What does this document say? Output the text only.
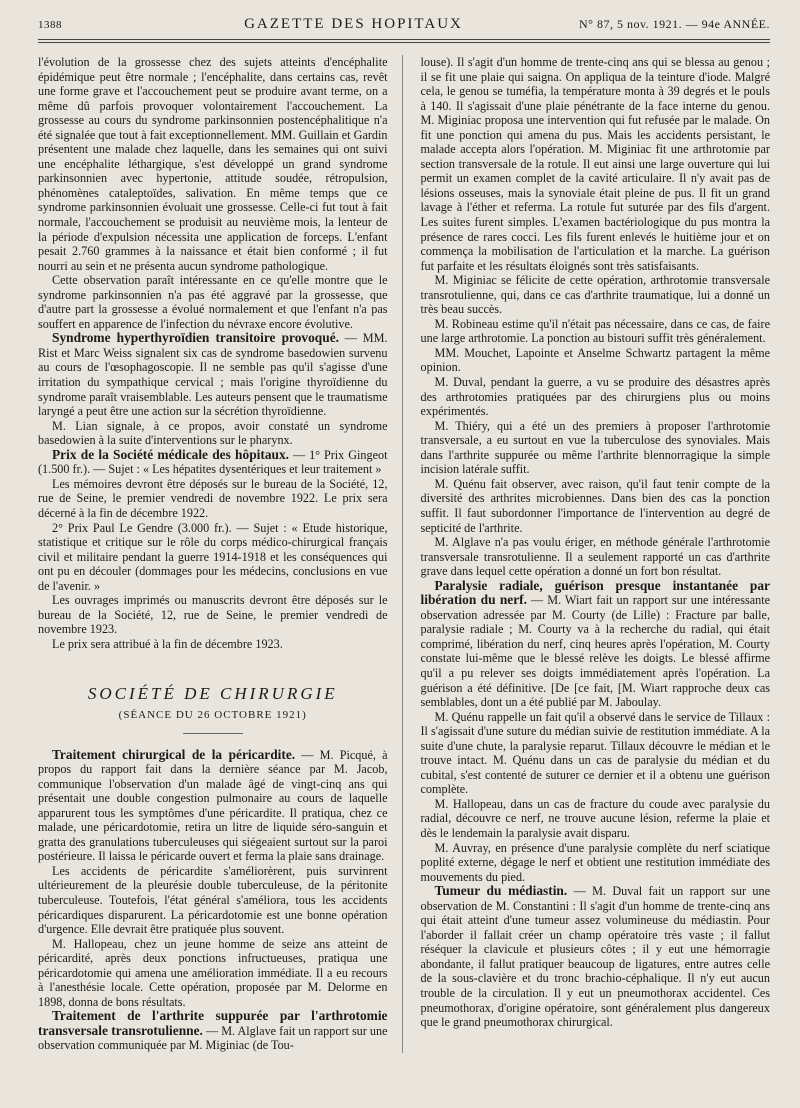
1388	GAZETTE DES HOPITAUX	N° 87, 5 nov. 1921. — 94e ANNÉE.

l'évolution de la grossesse chez des sujets atteints d'encéphalite épidémique peut être normale ; l'encéphalite, dans certains cas, revêt une forme grave et l'accouchement peut se produire avant terme, on a même dû parfois provoquer volontairement l'accouchement. La grossesse au cours du syndrome parkinsonnien postencéphalitique n'a été signalée que tout à fait exceptionnellement. MM. Guillain et Gardin présentent une malade chez laquelle, dans les semaines qui ont suivi une encéphalite léthargique, s'est développé un grand syndrome parkinsonnien avec hypertonie, attitude soudée, rétropulsion, phénomènes cataleptoïdes, salivation. En même temps que ce syndrome parkinsonnien évoluait une grossesse. Celle-ci fut tout à fait normale, l'accouchement se produisit au neuvième mois, la lenteur de la période d'expulsion nécessita une application de forceps. L'enfant pesait 2.760 grammes à la naissance et était bien conformé ; il fut nourri au sein et ne présenta aucun syndrome pathologique.

Cette observation paraît intéressante en ce qu'elle montre que le syndrome parkinsonnien n'a pas été aggravé par la grossesse, que d'autre part la grossesse a évolué normalement et que l'enfant n'a pas souffert en apparence de l'infection du névraxe encore évolutive.

Syndrome hyperthyroïdien transitoire provoqué. — MM. Rist et Marc Weiss signalent six cas de syndrome basedowien survenu au cours de l'œsophagoscopie. Il ne semble pas qu'il s'agisse d'une irritation du sympathique cervical ; mais l'origine thyroïdienne du syndrome paraît vraisemblable. Les auteurs pensent que le traumatisme laryngé a peut être une action sur la sécrétion thyroïdienne.

M. Lian signale, à ce propos, avoir constaté un syndrome basedowien à la suite d'interventions sur le pharynx.

Prix de la Société médicale des hôpitaux. — 1° Prix Gingeot (1.500 fr.). — Sujet : « Les hépatites dysentériques et leur traitement »

Les mémoires devront être déposés sur le bureau de la Société, 12, rue de Seine, le premier vendredi de novembre 1922. Le prix sera décerné à la fin de décembre 1922.

2° Prix Paul Le Gendre (3.000 fr.). — Sujet : « Etude historique, statistique et critique sur le rôle du corps médico-chirurgical français civil et militaire pendant la guerre 1914-1918 et les conséquences qui ont pu en découler (dommages pour les médecins, conclusions en vue de l'avenir. »

Les ouvrages imprimés ou manuscrits devront être déposés sur le bureau de la Société, 12, rue de Seine, le premier vendredi de novembre 1923.

Le prix sera attribué à la fin de décembre 1923.

SOCIÉTÉ DE CHIRURGIE
(SÉANCE DU 26 OCTOBRE 1921)

Traitement chirurgical de la péricardite. — M. Picqué, à propos du rapport fait dans la dernière séance par M. Jacob, communique l'observation d'un malade âgé de vingt-cinq ans qui présentait une double congestion pulmonaire au cours de laquelle apparurent tous les symptômes d'une péricardite. Il pratiqua, chez ce malade, une péricardotomie, retira un litre de liquide séro-sanguin et gratta des granulations tuberculeuses qui siégeaient surtout sur la paroi postérieure. Il laissa le péricarde ouvert et ferma la plaie sans drainage.

Les accidents de péricardite s'améliorèrent, puis survinrent ultérieurement de la pleurésie double tuberculeuse, de la péritonite tuberculeuse. Toutefois, l'état général s'améliora, tous les accidents péricardiques disparurent. La péricardotomie est une bonne opération d'urgence. Elle devrait être pratiquée plus souvent.

M. Hallopeau, chez un jeune homme de seize ans atteint de péricardité, après deux ponctions infructueuses, pratiqua une péricardotomie qui amena une amélioration immédiate. Il a eu recours à l'anesthésie locale. Cette opération, proposée par M. Delorme en 1898, donna de bons résultats.

Traitement de l'arthrite suppurée par l'arthrotomie transversale transrotulienne. — M. Alglave fait un rapport sur une observation communiquée par M. Miginiac (de Tou-

louse). Il s'agit d'un homme de trente-cinq ans qui se blessa au genou ; il se fit une plaie qui saigna. On appliqua de la teinture d'iode. Malgré cela, le genou se tuméfia, la température monta à 39 degrés et le pouls à 140. Il s'agissait d'une plaie pénétrante de la face interne du genou. M. Miginiac proposa une intervention qui fut refusée par le malade. On fit une ponction qui amena du pus. Mais les accidents persistant, le malade accepta alors l'opération. M. Miginiac fit une arthrotomie par section transversale de la rotule. Il eut ainsi une large ouverture qui lui permit un examen complet de la cavité articulaire. Il n'y avait pas de lésions osseuses, mais la synoviale était pleine de pus. Il fit un grand lavage à l'éther et referma. La rotule fut suturée par des fils d'argent. Les suites furent simples. L'examen bactériologique du pus montra la présence de rares cocci. Les fils furent enlevés le huitième jour et on commença la mobilisation de l'articulation et la marche. La guérison fut parfaite et les résultats éloignés sont très satisfaisants.

M. Miginiac se félicite de cette opération, arthrotomie transversale transrotulienne, qui, dans ce cas d'arthrite traumatique, lui a donné un très beau succès.

M. Robineau estime qu'il n'était pas nécessaire, dans ce cas, de faire une large arthrotomie. La ponction au bistouri suffit très généralement.

MM. Mouchet, Lapointe et Anselme Schwartz partagent la même opinion.

M. Duval, pendant la guerre, a vu se produire des désastres après des arthrotomies pratiquées par des chirurgiens plus ou moins expérimentés.

M. Thiéry, qui a été un des premiers à proposer l'arthrotomie transversale, a eu surtout en vue la tuberculose des synoviales. Mais dans l'arthrite suppurée ou même l'arthrite blennorragique la simple incision latérale suffit.

M. Quénu fait observer, avec raison, qu'il faut tenir compte de la diversité des arthrites microbiennes. Dans bien des cas la ponction suffit. Il faut subordonner l'importance de l'intervention au degré de septicité de l'arthrite.

M. Alglave n'a pas voulu ériger, en méthode générale l'arthrotomie transversale transrotulienne. Il a seulement rapporté un cas d'arthrite grave dans lequel cette opération a donné un fort bon résultat.

Paralysie radiale, guérison presque instantanée par libération du nerf. — M. Wiart fait un rapport sur une intéressante observation adressée par M. Courty (de Lille) : Fracture par balle, paralysie radiale ; M. Courty va à la recherche du radial, qui était comprimé, libération du nerf, cinq heures après l'opération, M. Courty constate lui-même que le blessé relève les doigts. Le blessé affirme qu'il a pu relever ses doigts immédiatement après l'opération. La guérison a été définitive. [De [ce fait, [M. Wiart rapproche deux cas semblables, dont un a été publié par M. Jaboulay.

M. Quénu rappelle un fait qu'il a observé dans le service de Tillaux : Il s'agissait d'une suture du médian suivie de restitution immédiate. A la suite d'une chute, la paralysie reparut. Tillaux découvre le médian et le trouve intact. M. Quénu dans un cas de paralysie du médian et du cubital, s'est contenté de suturer ce dernier et il a obtenu une guérison complète.

M. Hallopeau, dans un cas de fracture du coude avec paralysie du radial, découvre ce nerf, ne trouve aucune lésion, referme la plaie et dès le lendemain la paralysie avait disparu.

M. Auvray, en présence d'une paralysie complète du nerf sciatique poplité externe, dégage le nerf et obtient une restitution immédiate des mouvements du pied.

Tumeur du médiastin. — M. Duval fait un rapport sur une observation de M. Constantini : Il s'agit d'un homme de trente-cinq ans qui était atteint d'une tumeur assez volumineuse du médiastin. Pour l'aborder il fallait créer un champ opératoire très vaste ; il fallut réséquer la clavicule et plusieurs côtes ; il y eut une hémorragie abondante, il fallut pratiquer beaucoup de ligatures, entre autres celle de la sous-clavière et du tronc brachio-céphalique. Il n'y eut aucun trouble de la circulation. Il y eut un pneumothorax accidentel. Ces pneumothorax, d'origine opératoire, sont généralement plus dangereux que le grand pneumothorax chirurgical.
